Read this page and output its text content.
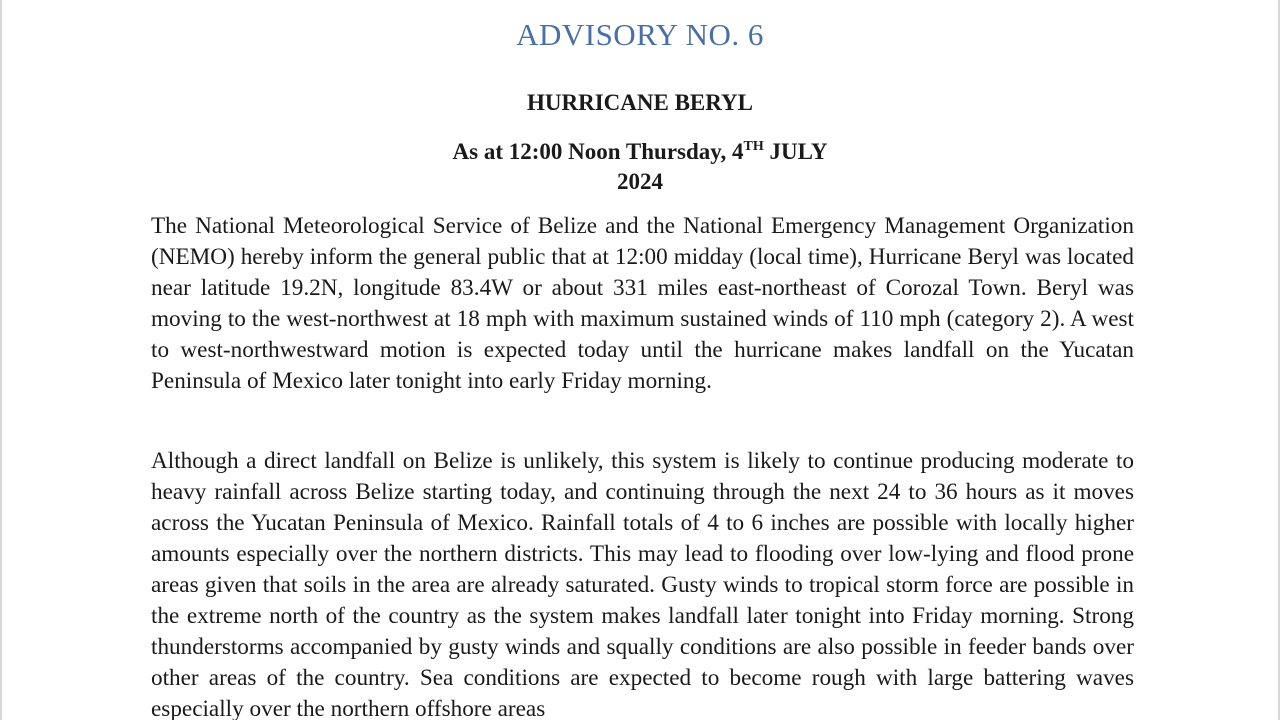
ADVISORY NO. 6
HURRICANE BERYL
As at 12:00 Noon Thursday, 4TH JULY
2024

The National Meteorological Service of Belize and the National Emergency Management Organization (NEMO) hereby inform the general public that at 12:00 midday (local time), Hurricane Beryl was located near latitude 19.2N, longitude 83.4W or about 331 miles east-northeast of Corozal Town. Beryl was moving to the west-northwest at 18 mph with maximum sustained winds of 110 mph (category 2). A west to west-northwestward motion is expected today until the hurricane makes landfall on the Yucatan Peninsula of Mexico later tonight into early Friday morning.

Although a direct landfall on Belize is unlikely, this system is likely to continue producing moderate to heavy rainfall across Belize starting today, and continuing through the next 24 to 36 hours as it moves across the Yucatan Peninsula of Mexico. Rainfall totals of 4 to 6 inches are possible with locally higher amounts especially over the northern districts. This may lead to flooding over low-lying and flood prone areas given that soils in the area are already saturated. Gusty winds to tropical storm force are possible in the extreme north of the country as the system makes landfall later tonight into Friday morning. Strong thunderstorms accompanied by gusty winds and squally conditions are also possible in feeder bands over other areas of the country. Sea conditions are expected to become rough with large battering waves especially over the northern offshore areas
